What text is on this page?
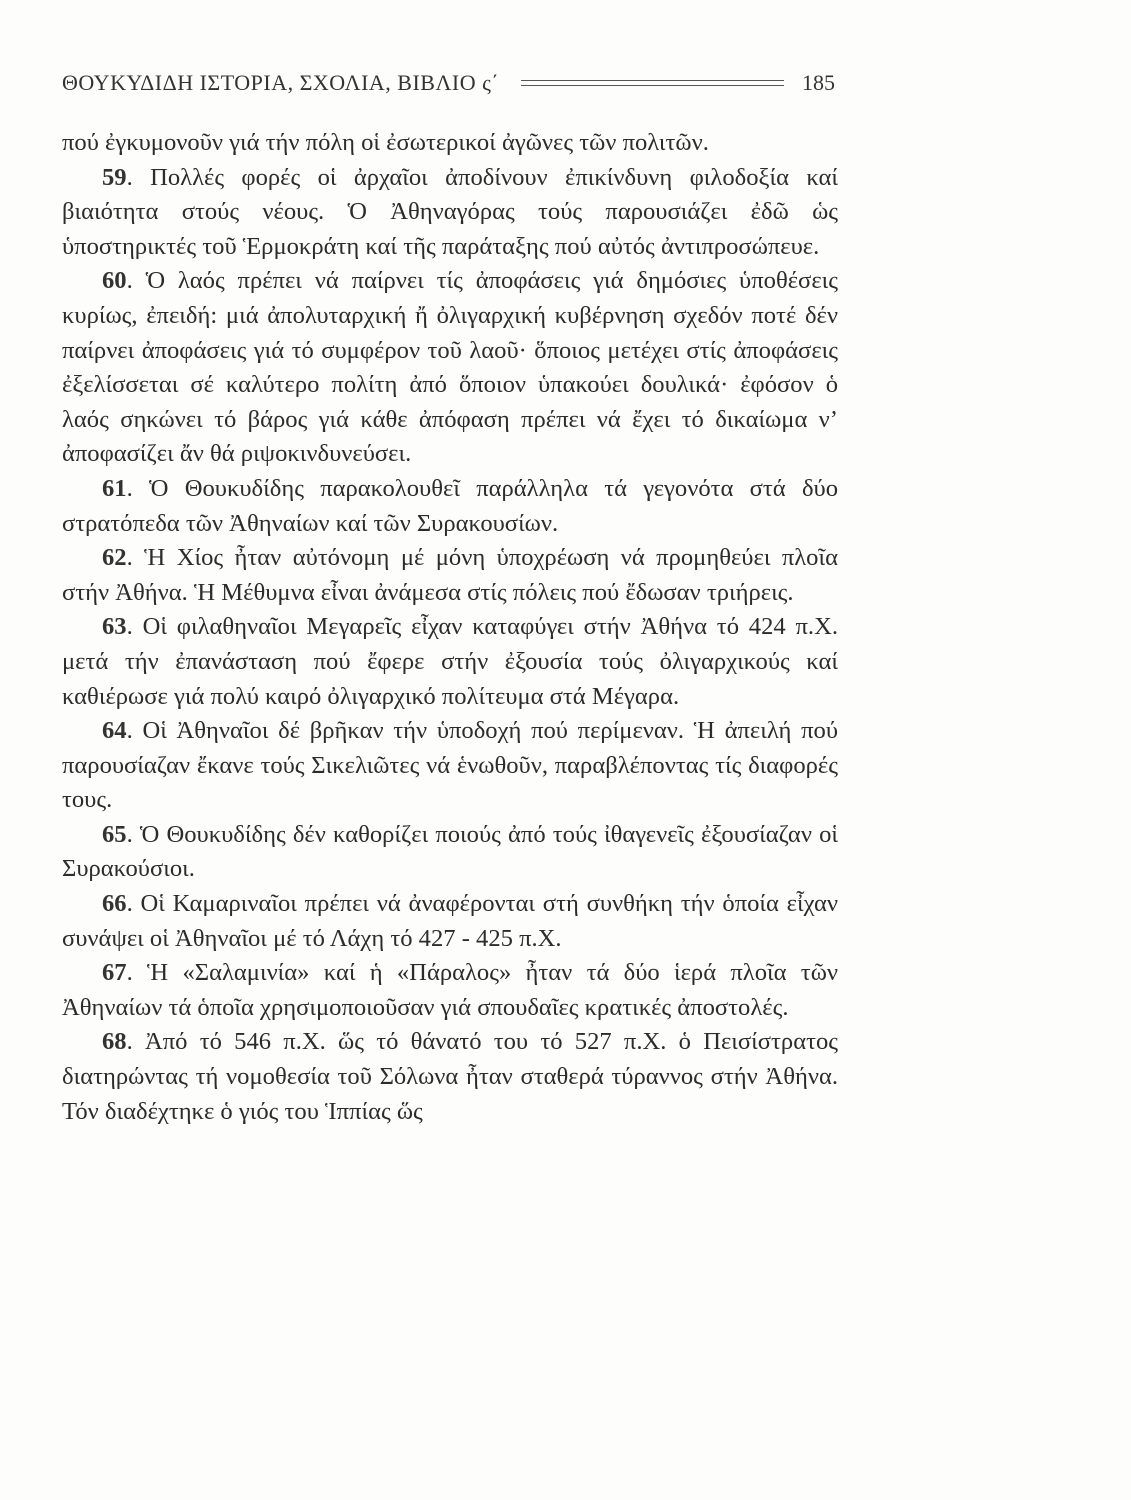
ΘΟΥΚΥΔΙΔΗ ΙΣΤΟΡΙΑ, ΣΧΟΛΙΑ, ΒΙΒΛΙΟ ς΄	185

πού ἐγκυμονοῦν γιά τήν πόλη οἱ ἐσωτερικοί ἀγῶνες τῶν πολιτῶν.

59. Πολλές φορές οἱ ἀρχαῖοι ἀποδίνουν ἐπικίνδυνη φιλοδοξία καί βιαιότητα στούς νέους. Ὁ Ἀθηναγόρας τούς παρουσιάζει ἐδῶ ὡς ὑποστηρικτές τοῦ Ἑρμοκράτη καί τῆς παράταξης πού αὐτός ἀντιπροσώπευε.

60. Ὁ λαός πρέπει νά παίρνει τίς ἀποφάσεις γιά δημόσιες ὑποθέσεις κυρίως, ἐπειδή: μιά ἀπολυταρχική ἤ ὀλιγαρχική κυβέρνηση σχεδόν ποτέ δέν παίρνει ἀποφάσεις γιά τό συμφέρον τοῦ λαοῦ· ὅποιος μετέχει στίς ἀποφάσεις ἐξελίσσεται σέ καλύτερο πολίτη ἀπό ὅποιον ὑπακούει δουλικά· ἐφόσον ὁ λαός σηκώνει τό βάρος γιά κάθε ἀπόφαση πρέπει νά ἔχει τό δικαίωμα ν’ ἀποφασίζει ἄν θά ριψοκινδυνεύσει.

61. Ὁ Θουκυδίδης παρακολουθεῖ παράλληλα τά γεγονότα στά δύο στρατόπεδα τῶν Ἀθηναίων καί τῶν Συρακουσίων.

62. Ἡ Χίος ἦταν αὐτόνομη μέ μόνη ὑποχρέωση νά προμηθεύει πλοῖα στήν Ἀθήνα. Ἡ Μέθυμνα εἶναι ἀνάμεσα στίς πόλεις πού ἔδωσαν τριήρεις.

63. Οἱ φιλαθηναῖοι Μεγαρεῖς εἶχαν καταφύγει στήν Ἀθήνα τό 424 π.Χ. μετά τήν ἐπανάσταση πού ἔφερε στήν ἐξουσία τούς ὀλιγαρχικούς καί καθιέρωσε γιά πολύ καιρό ὀλιγαρχικό πολίτευμα στά Μέγαρα.

64. Οἱ Ἀθηναῖοι δέ βρῆκαν τήν ὑποδοχή πού περίμεναν. Ἡ ἀπειλή πού παρουσίαζαν ἔκανε τούς Σικελιῶτες νά ἑνωθοῦν, παραβλέποντας τίς διαφορές τους.

65. Ὁ Θουκυδίδης δέν καθορίζει ποιούς ἀπό τούς ἰθαγενεῖς ἐξουσίαζαν οἱ Συρακούσιοι.

66. Οἱ Καμαριναῖοι πρέπει νά ἀναφέρονται στή συνθήκη τήν ὁποία εἶχαν συνάψει οἱ Ἀθηναῖοι μέ τό Λάχη τό 427 - 425 π.Χ.

67. Ἡ «Σαλαμινία» καί ἡ «Πάραλος» ἦταν τά δύο ἱερά πλοῖα τῶν Ἀθηναίων τά ὁποῖα χρησιμοποιοῦσαν γιά σπουδαῖες κρατικές ἀποστολές.

68. Ἀπό τό 546 π.Χ. ὥς τό θάνατό του τό 527 π.Χ. ὁ Πεισίστρατος διατηρώντας τή νομοθεσία τοῦ Σόλωνα ἦταν σταθερά τύραννος στήν Ἀθήνα. Τόν διαδέχτηκε ὁ γιός του Ἱππίας ὥς
